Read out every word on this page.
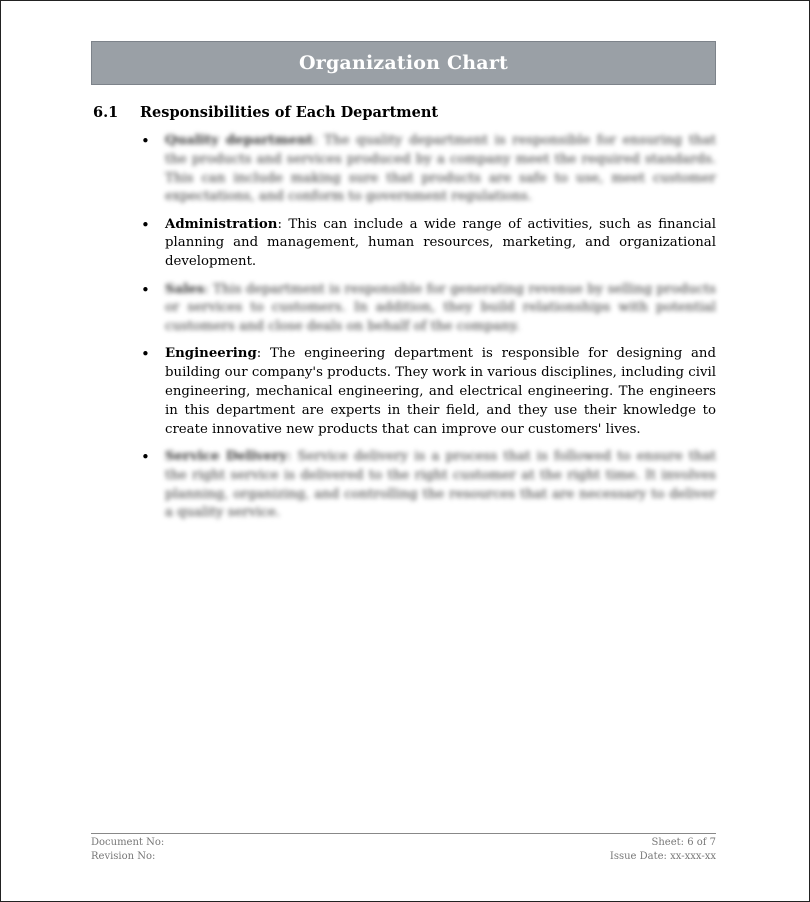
Organization Chart
6.1	Responsibilities of Each Department
•	Quality department: The quality department is responsible for ensuring that the products and services produced by a company meet the required standards. This can include making sure that products are safe to use, meet customer expectations, and conform to government regulations.
•	Administration: This can include a wide range of activities, such as financial planning and management, human resources, marketing, and organizational development.
•	Sales: This department is responsible for generating revenue by selling products or services to customers. In addition, they build relationships with potential customers and close deals on behalf of the company.
•	Engineering: The engineering department is responsible for designing and building our company's products. They work in various disciplines, including civil engineering, mechanical engineering, and electrical engineering. The engineers in this department are experts in their field, and they use their knowledge to create innovative new products that can improve our customers' lives.
•	Service Delivery: Service delivery is a process that is followed to ensure that the right service is delivered to the right customer at the right time. It involves planning, organizing, and controlling the resources that are necessary to deliver a quality service.
Document No:	Sheet: 6 of 7
Revision No:	Issue Date: xx-xxx-xx
